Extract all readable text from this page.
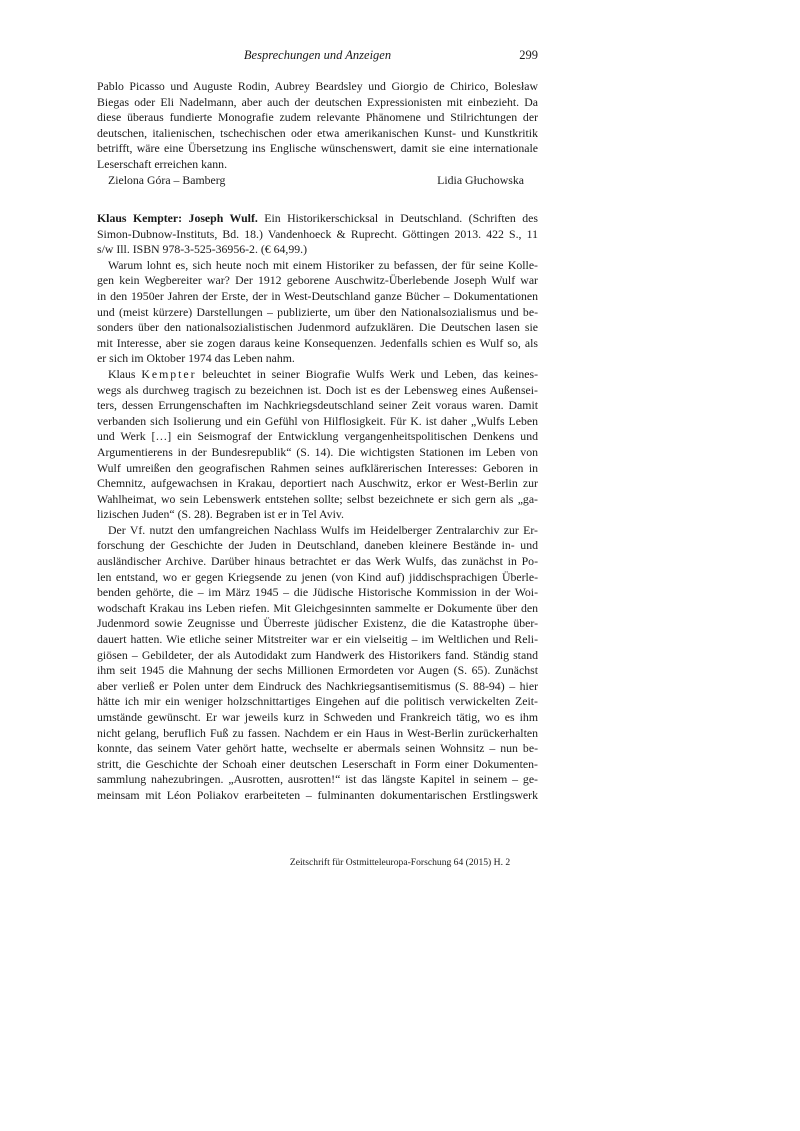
Besprechungen und Anzeigen	299
Pablo Picasso und Auguste Rodin, Aubrey Beardsley und Giorgio de Chirico, Bolesław
Biegas oder Eli Nadelmann, aber auch der deutschen Expressionisten mit einbezieht. Da
diese überaus fundierte Monografie zudem relevante Phänomene und Stilrichtungen der
deutschen, italienischen, tschechischen oder etwa amerikanischen Kunst- und Kunstkritik
betrifft, wäre eine Übersetzung ins Englische wünschenswert, damit sie eine internationale
Leserschaft erreichen kann.
Zielona Góra – Bamberg	Lidia Głuchowska
Klaus Kempter: Joseph Wulf. Ein Historikerschicksal in Deutschland. (Schriften des
Simon-Dubnow-Instituts, Bd. 18.) Vandenhoeck & Ruprecht. Göttingen 2013. 422 S., 11
s/w Ill. ISBN 978-3-525-36956-2. (€ 64,99.)
Warum lohnt es, sich heute noch mit einem Historiker zu befassen, der für seine Kolle-
gen kein Wegbereiter war? Der 1912 geborene Auschwitz-Überlebende Joseph Wulf war
in den 1950er Jahren der Erste, der in West-Deutschland ganze Bücher – Dokumentationen
und (meist kürzere) Darstellungen – publizierte, um über den Nationalsozialismus und be-
sonders über den nationalsozialistischen Judenmord aufzuklären. Die Deutschen lasen sie
mit Interesse, aber sie zogen daraus keine Konsequenzen. Jedenfalls schien es Wulf so, als
er sich im Oktober 1974 das Leben nahm.
Klaus Kempter beleuchtet in seiner Biografie Wulfs Werk und Leben, das keines-
wegs als durchweg tragisch zu bezeichnen ist. Doch ist es der Lebensweg eines Außensei-
ters, dessen Errungenschaften im Nachkriegsdeutschland seiner Zeit voraus waren. Damit
verbanden sich Isolierung und ein Gefühl von Hilflosigkeit. Für K. ist daher „Wulfs Leben
und Werk […] ein Seismograf der Entwicklung vergangenheitspolitischen Denkens und
Argumentierens in der Bundesrepublik“ (S. 14). Die wichtigsten Stationen im Leben von
Wulf umreißen den geografischen Rahmen seines aufklärerischen Interesses: Geboren in
Chemnitz, aufgewachsen in Krakau, deportiert nach Auschwitz, erkor er West-Berlin zur
Wahlheimat, wo sein Lebenswerk entstehen sollte; selbst bezeichnete er sich gern als „ga-
lizischen Juden“ (S. 28). Begraben ist er in Tel Aviv.
Der Vf. nutzt den umfangreichen Nachlass Wulfs im Heidelberger Zentralarchiv zur Er-
forschung der Geschichte der Juden in Deutschland, daneben kleinere Bestände in- und
ausländischer Archive. Darüber hinaus betrachtet er das Werk Wulfs, das zunächst in Po-
len entstand, wo er gegen Kriegsende zu jenen (von Kind auf) jiddischsprachigen Überle-
benden gehörte, die – im März 1945 – die Jüdische Historische Kommission in der Woi-
wodschaft Krakau ins Leben riefen. Mit Gleichgesinnten sammelte er Dokumente über den
Judenmord sowie Zeugnisse und Überreste jüdischer Existenz, die die Katastrophe über-
dauert hatten. Wie etliche seiner Mitstreiter war er ein vielseitig – im Weltlichen und Reli-
giösen – Gebildeter, der als Autodidakt zum Handwerk des Historikers fand. Ständig stand
ihm seit 1945 die Mahnung der sechs Millionen Ermordeten vor Augen (S. 65). Zunächst
aber verließ er Polen unter dem Eindruck des Nachkriegsantisemitismus (S. 88-94) – hier
hätte ich mir ein weniger holzschnittartiges Eingehen auf die politisch verwickelten Zeit-
umstände gewünscht. Er war jeweils kurz in Schweden und Frankreich tätig, wo es ihm
nicht gelang, beruflich Fuß zu fassen. Nachdem er ein Haus in West-Berlin zurückerhalten
konnte, das seinem Vater gehört hatte, wechselte er abermals seinen Wohnsitz – nun be-
stritt, die Geschichte der Schoah einer deutschen Leserschaft in Form einer Dokumenten-
sammlung nahezubringen. „Ausrotten, ausrotten!“ ist das längste Kapitel in seinem – ge-
meinsam mit Léon Poliakov erarbeiteten – fulminanten dokumentarischen Erstlingswerk
Zeitschrift für Ostmitteleuropa-Forschung 64 (2015) H. 2
